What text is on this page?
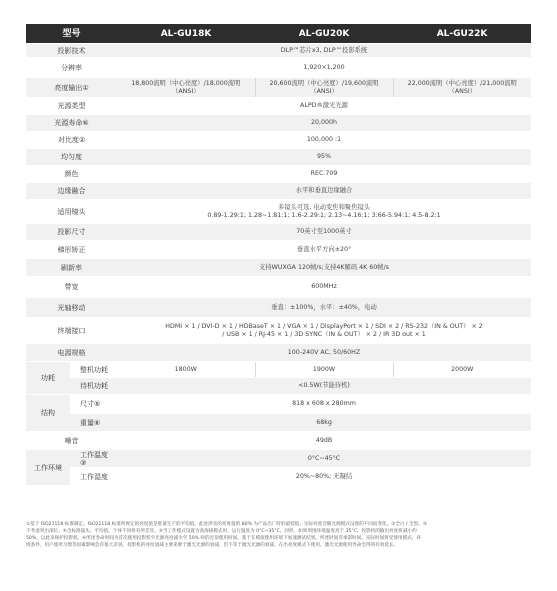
型号		AL-GU18K	AL-GU20K	AL-GU22K
投影技术		DLP™芯片x3, DLP™投影系统		
分辨率		1,920×1,200		
亮度输出①		18,800流明（中心亮度）/18,000流明（ANSI）	20,600流明（中心亮度）/19,600流明（ANSI）	22,000流明（中心亮度）/21,000流明（ANSI）
光源类型		ALPD®激光光源		
光源寿命⑥		20,000h		
对比度②		100,000 :1		
均匀度		95%		
颜色		REC.709		
边缘融合		水平和垂直边缘融合		
适用镜头		多镜头可选, 电动变焦和聚焦镜头
0.89-1.29:1; 1.28~1.81:1; 1.6-2.29:1; 2.13~4.16:1; 3.66-5.94:1; 4.5-8.2:1		

投影尺寸		70英寸至1000英寸		
梯形矫正		垂直水平方向±20°		
刷新率		支持WUXGA 120帧/s;支持4K解码 4K 60帧/s		
带宽		600MHz		
光轴移动		垂直：±100%，水平：±40%，电动		
终端接口		HDMI × 1 / DVI-D × 1 / HDBaseT × 1 / VGA × 1 / DisplayPort × 1 / SDI × 2 / RS-232（IN & OUT） × 2
/ USB × 1 / RJ-45 × 1 / 3D SYNC（IN & OUT） × 2 / IR 3D out × 1		

电源规格		100-240V AC, 50/60HZ		
功耗	整机功耗	1800W	1900W	2000W
	待机功耗	<0.5W(节能待机)		
结构	尺寸⑤	818 x 608 x 280mm		
	重量⑥	68kg		
噪音		49dB		
工作环境	工作温度③	0°C~45°C		
	工作湿度	20%~80%; 无凝结		
①基于 ISO21118 标准制定。ISO21118 标准所规定的亮度值是批量生产的平均值。此处涉及的亮度值的 80% 为产品出厂时的最低值。实际亮度会随光源模式设置的不同而变化。②全白 / 全黑。③
不考虑突出部位。④含标准镜头；平均值，个体不同将有所差异。⑤当工作模式设置为高海拔模式时，运行温度为 0°C~35°C。同样，如果周围环境温度高于 35°C，投影机的输出亮度将减小约
50%，以此来保护投影机。⑥所述寿命时间为首次使用投影机至光源亮度减少至 50% 时的近似使用时间。基于在模拟使用环境下加速测试结果。所述时间非承诺时间。实际时间将受使用模式、环
境条件、用户使用习惯等因素影响会有很大差别。投影机的亮度衰减主要来源于激光光源的衰减，但不等于激光光源的衰减。在出亮度模式下使用，激光光源使用寿命会得到有效延长。
